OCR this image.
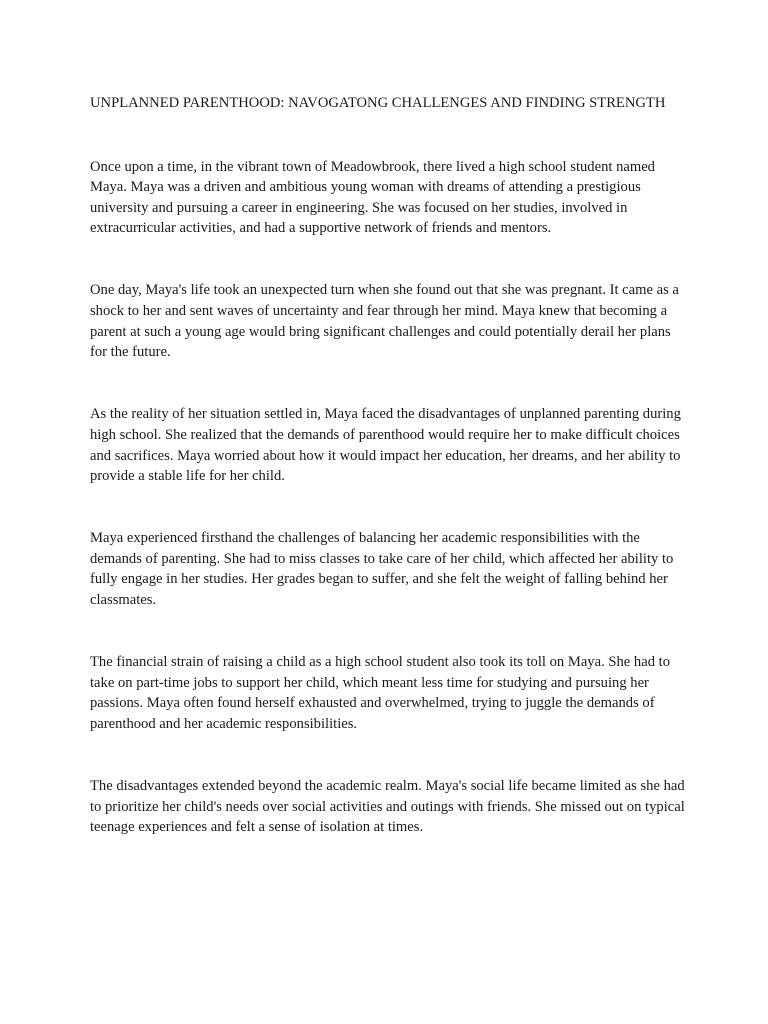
UNPLANNED PARENTHOOD: NAVOGATONG CHALLENGES AND FINDING STRENGTH

Once upon a time, in the vibrant town of Meadowbrook, there lived a high school student named Maya. Maya was a driven and ambitious young woman with dreams of attending a prestigious university and pursuing a career in engineering. She was focused on her studies, involved in extracurricular activities, and had a supportive network of friends and mentors.

One day, Maya's life took an unexpected turn when she found out that she was pregnant. It came as a shock to her and sent waves of uncertainty and fear through her mind. Maya knew that becoming a parent at such a young age would bring significant challenges and could potentially derail her plans for the future.

As the reality of her situation settled in, Maya faced the disadvantages of unplanned parenting during high school. She realized that the demands of parenthood would require her to make difficult choices and sacrifices. Maya worried about how it would impact her education, her dreams, and her ability to provide a stable life for her child.

Maya experienced firsthand the challenges of balancing her academic responsibilities with the demands of parenting. She had to miss classes to take care of her child, which affected her ability to fully engage in her studies. Her grades began to suffer, and she felt the weight of falling behind her classmates.

The financial strain of raising a child as a high school student also took its toll on Maya. She had to take on part-time jobs to support her child, which meant less time for studying and pursuing her passions. Maya often found herself exhausted and overwhelmed, trying to juggle the demands of parenthood and her academic responsibilities.

The disadvantages extended beyond the academic realm. Maya's social life became limited as she had to prioritize her child's needs over social activities and outings with friends. She missed out on typical teenage experiences and felt a sense of isolation at times.
